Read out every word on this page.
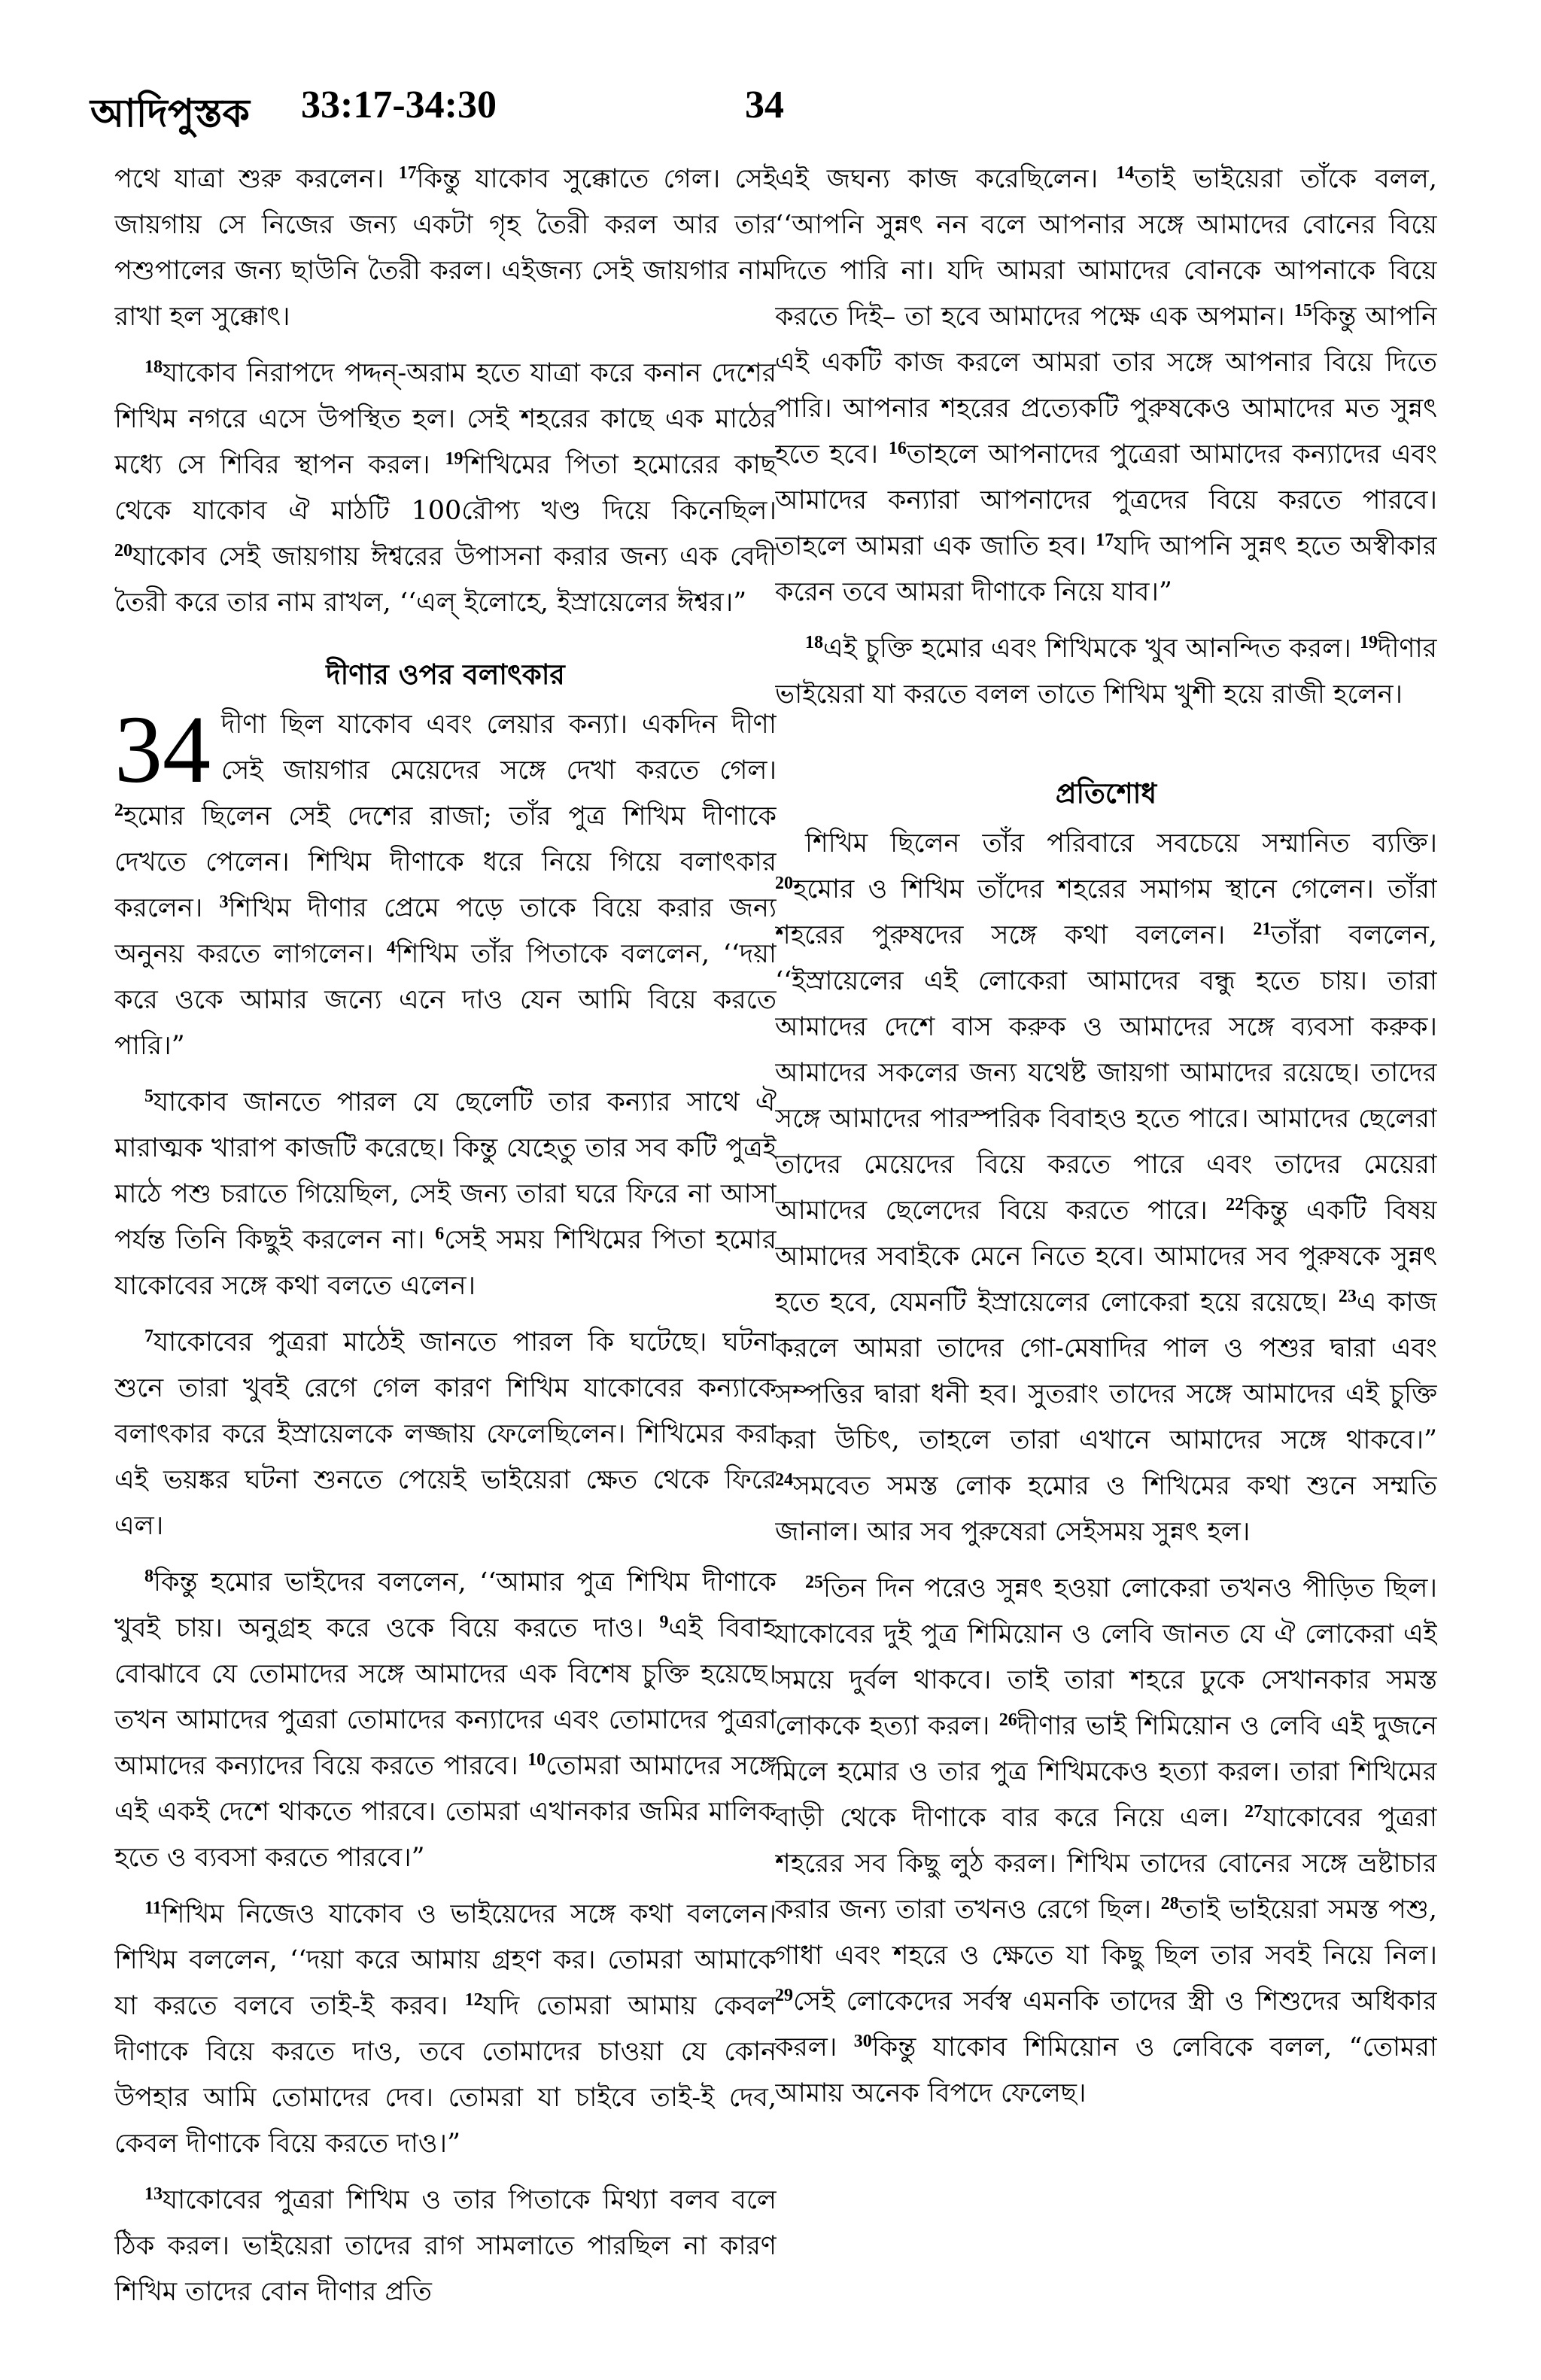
আদিপুস্তক 33:17-34:30	34

পথে যাত্রা শুরু করলেন। $^{17}$কিন্তু যাকোব সুক্কোতে গেল। সেই জায়গায় সে নিজের জন্য একটা গৃহ তৈরী করল আর তার পশুপালের জন্য ছাউনি তৈরী করল। এইজন্য সেই জায়গার নাম রাখা হল সুক্কোৎ।

$^{18}$যাকোব নিরাপদে পদ্দন্-অরাম হতে যাত্রা করে কনান দেশের শিখিম নগরে এসে উপস্থিত হল। সেই শহরের কাছে এক মাঠের মধ্যে সে শিবির স্থাপন করল। $^{19}$শিখিমের পিতা হমোরের কাছ থেকে যাকোব ঐ মাঠটি 100রৌপ্য খণ্ড দিয়ে কিনেছিল। $^{20}$যাকোব সেই জায়গায় ঈশ্বরের উপাসনা করার জন্য এক বেদী তৈরী করে তার নাম রাখল, ‘‘এল্ ইলোহে, ইস্রায়েলের ঈশ্বর।”

দীণার ওপর বলাৎকার

34 দীণা ছিল যাকোব এবং লেয়ার কন্যা। একদিন দীণা সেই জায়গার মেয়েদের সঙ্গে দেখা করতে গেল। $^2$হমোর ছিলেন সেই দেশের রাজা; তাঁর পুত্র শিখিম দীণাকে দেখতে পেলেন। শিখিম দীণাকে ধরে নিয়ে গিয়ে বলাৎকার করলেন। $^3$শিখিম দীণার প্রেমে পড়ে তাকে বিয়ে করার জন্য অনুনয় করতে লাগলেন। $^4$শিখিম তাঁর পিতাকে বললেন, ‘‘দয়া করে ওকে আমার জন্যে এনে দাও যেন আমি বিয়ে করতে পারি।”

$^5$যাকোব জানতে পারল যে ছেলেটি তার কন্যার সাথে ঐ মারাত্মক খারাপ কাজটি করেছে। কিন্তু যেহেতু তার সব কটি পুত্রই মাঠে পশু চরাতে গিয়েছিল, সেই জন্য তারা ঘরে ফিরে না আসা পর্যন্ত তিনি কিছুই করলেন না। $^6$সেই সময় শিখিমের পিতা হমোর যাকোবের সঙ্গে কথা বলতে এলেন।

$^7$যাকোবের পুত্ররা মাঠেই জানতে পারল কি ঘটেছে। ঘটনা শুনে তারা খুবই রেগে গেল কারণ শিখিম যাকোবের কন্যাকে বলাৎকার করে ইস্রায়েলকে লজ্জায় ফেলেছিলেন। শিখিমের করা এই ভয়ঙ্কর ঘটনা শুনতে পেয়েই ভাইয়েরা ক্ষেত থেকে ফিরে এল।

$^8$কিন্তু হমোর ভাইদের বললেন, ‘‘আমার পুত্র শিখিম দীণাকে খুবই চায়। অনুগ্রহ করে ওকে বিয়ে করতে দাও। $^9$এই বিবাহ বোঝাবে যে তোমাদের সঙ্গে আমাদের এক বিশেষ চুক্তি হয়েছে। তখন আমাদের পুত্ররা তোমাদের কন্যাদের এবং তোমাদের পুত্ররা আমাদের কন্যাদের বিয়ে করতে পারবে। $^{10}$তোমরা আমাদের সঙ্গে এই একই দেশে থাকতে পারবে। তোমরা এখানকার জমির মালিক হতে ও ব্যবসা করতে পারবে।”

$^{11}$শিখিম নিজেও যাকোব ও ভাইয়েদের সঙ্গে কথা বললেন। শিখিম বললেন, ‘‘দয়া করে আমায় গ্রহণ কর। তোমরা আমাকে যা করতে বলবে তাই-ই করব। $^{12}$যদি তোমরা আমায় কেবল দীণাকে বিয়ে করতে দাও, তবে তোমাদের চাওয়া যে কোন উপহার আমি তোমাদের দেব। তোমরা যা চাইবে তাই-ই দেব, কেবল দীণাকে বিয়ে করতে দাও।”

$^{13}$যাকোবের পুত্ররা শিখিম ও তার পিতাকে মিথ্যা বলব বলে ঠিক করল। ভাইয়েরা তাদের রাগ সামলাতে পারছিল না কারণ শিখিম তাদের বোন দীণার প্রতি

এই জঘন্য কাজ করেছিলেন। $^{14}$তাই ভাইয়েরা তাঁকে বলল, ‘‘আপনি সুন্নৎ নন বলে আপনার সঙ্গে আমাদের বোনের বিয়ে দিতে পারি না। যদি আমরা আমাদের বোনকে আপনাকে বিয়ে করতে দিই– তা হবে আমাদের পক্ষে এক অপমান। $^{15}$কিন্তু আপনি এই একটি কাজ করলে আমরা তার সঙ্গে আপনার বিয়ে দিতে পারি। আপনার শহরের প্রত্যেকটি পুরুষকেও আমাদের মত সুন্নৎ হতে হবে। $^{16}$তাহলে আপনাদের পুত্রেরা আমাদের কন্যাদের এবং আমাদের কন্যারা আপনাদের পুত্রদের বিয়ে করতে পারবে। তাহলে আমরা এক জাতি হব। $^{17}$যদি আপনি সুন্নৎ হতে অস্বীকার করেন তবে আমরা দীণাকে নিয়ে যাব।”

$^{18}$এই চুক্তি হমোর এবং শিখিমকে খুব আনন্দিত করল। $^{19}$দীণার ভাইয়েরা যা করতে বলল তাতে শিখিম খুশী হয়ে রাজী হলেন।

প্রতিশোধ

শিখিম ছিলেন তাঁর পরিবারে সবচেয়ে সম্মানিত ব্যক্তি। $^{20}$হমোর ও শিখিম তাঁদের শহরের সমাগম স্থানে গেলেন। তাঁরা শহরের পুরুষদের সঙ্গে কথা বললেন। $^{21}$তাঁরা বললেন, ‘‘ইস্রায়েলের এই লোকেরা আমাদের বন্ধু হতে চায়। তারা আমাদের দেশে বাস করুক ও আমাদের সঙ্গে ব্যবসা করুক। আমাদের সকলের জন্য যথেষ্ট জায়গা আমাদের রয়েছে। তাদের সঙ্গে আমাদের পারস্পরিক বিবাহও হতে পারে। আমাদের ছেলেরা তাদের মেয়েদের বিয়ে করতে পারে এবং তাদের মেয়েরা আমাদের ছেলেদের বিয়ে করতে পারে। $^{22}$কিন্তু একটি বিষয় আমাদের সবাইকে মেনে নিতে হবে। আমাদের সব পুরুষকে সুন্নৎ হতে হবে, যেমনটি ইস্রায়েলের লোকেরা হয়ে রয়েছে। $^{23}$এ কাজ করলে আমরা তাদের গো-মেষাদির পাল ও পশুর দ্বারা এবং সম্পত্তির দ্বারা ধনী হব। সুতরাং তাদের সঙ্গে আমাদের এই চুক্তি করা উচিৎ, তাহলে তারা এখানে আমাদের সঙ্গে থাকবে।” $^{24}$সমবেত সমস্ত লোক হমোর ও শিখিমের কথা শুনে সম্মতি জানাল। আর সব পুরুষেরা সেইসময় সুন্নৎ হল।

$^{25}$তিন দিন পরেও সুন্নৎ হওয়া লোকেরা তখনও পীড়িত ছিল। যাকোবের দুই পুত্র শিমিয়োন ও লেবি জানত যে ঐ লোকেরা এই সময়ে দুর্বল থাকবে। তাই তারা শহরে ঢুকে সেখানকার সমস্ত লোককে হত্যা করল। $^{26}$দীণার ভাই শিমিয়োন ও লেবি এই দুজনে মিলে হমোর ও তার পুত্র শিখিমকেও হত্যা করল। তারা শিখিমের বাড়ী থেকে দীণাকে বার করে নিয়ে এল। $^{27}$যাকোবের পুত্ররা শহরের সব কিছু লুঠ করল। শিখিম তাদের বোনের সঙ্গে ভ্রষ্টাচার করার জন্য তারা তখনও রেগে ছিল। $^{28}$তাই ভাইয়েরা সমস্ত পশু, গাধা এবং শহরে ও ক্ষেতে যা কিছু ছিল তার সবই নিয়ে নিল। $^{29}$সেই লোকেদের সর্বস্ব এমনকি তাদের স্ত্রী ও শিশুদের অধিকার করল। $^{30}$কিন্তু যাকোব শিমিয়োন ও লেবিকে বলল, “তোমরা আমায় অনেক বিপদে ফেলেছ।
